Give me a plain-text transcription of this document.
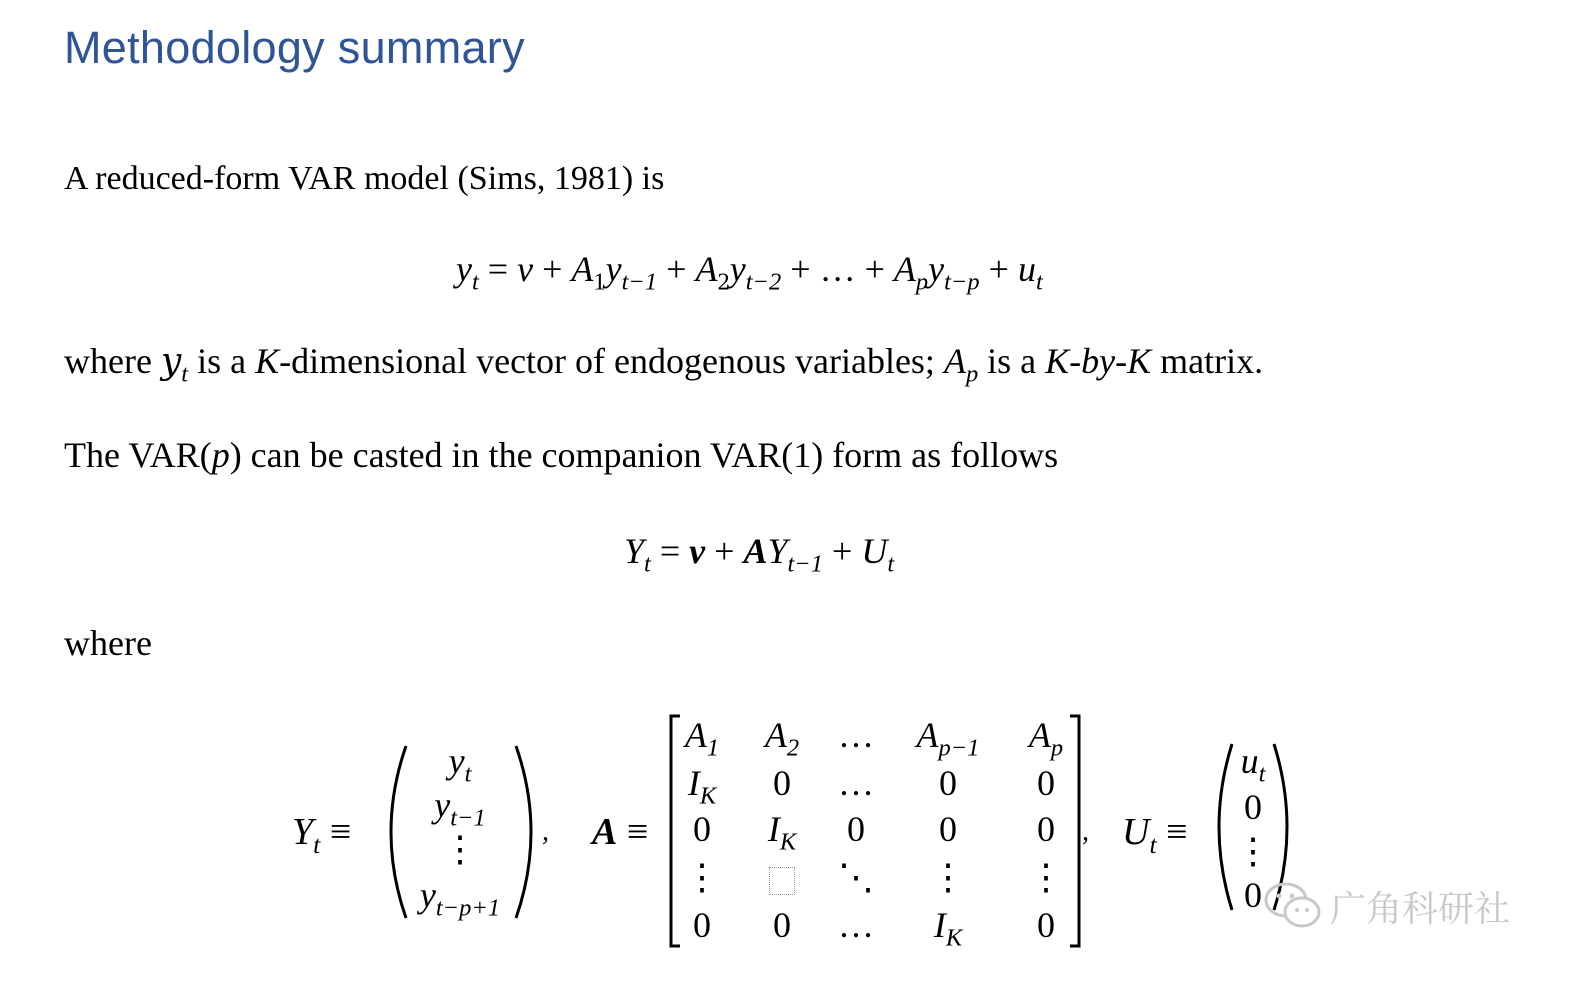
Methodology summary
A reduced-form VAR model (Sims, 1981) is
$y_t = v + A_1y_{t-1} + A_2y_{t-2}$ + … + $A_py_{t-p} + u_t$
where $y_t$ is a K-dimensional vector of endogenous variables; $A_p$ is a K-by-K matrix.
The VAR(p) can be casted in the companion VAR(1) form as follows
$Y_t = v + AY_{t-1} + U_t$
where
$Y_t$ ≡
$y_t$
$y_{t-1}$
⋮
$y_{t-p+1}$
, A ≡
$A_1$ $A_2$ … $A_{p-1}$ $A_p$
$I_K$ 0 … 0 0
0 $I_K$ 0 0 0
⋮	⋱ ⋮ ⋮
0 0 … $I_K$ 0
, $U_t$ ≡
$u_t$
0
⋮
0 广角科研社
